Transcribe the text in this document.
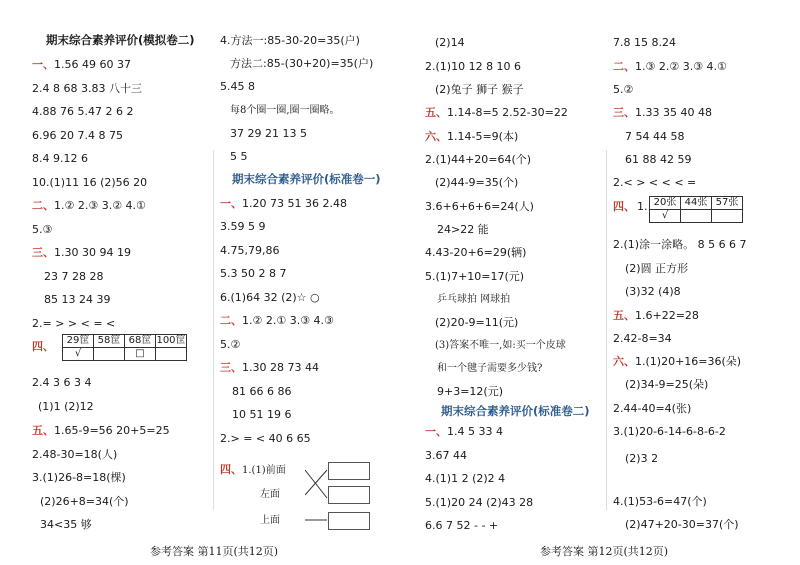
期末综合素养评价(模拟卷二)
一、1.56 49 60 37
2.4 8 68 3.83 八十三
4.88 76 5.47 2 6 2
6.96 20 7.4 8 75
8.4 9.12 6
10.(1)11 16 (2)56 20
二、1.② 2.③ 3.② 4.①
5.③
三、1.30 30 94 19
23 7 28 28
85 13 24 39
2.= > > < = <
四、 29筐	58筐	68筐	100筐
√		□	
2.4 3 6 3 4
(1)1 (2)12
五、1.65-9=56 20+5=25
2.48-30=18(人)
3.(1)26-8=18(棵)
(2)26+8=34(个)
34<35 够
4.方法一:85-30-20=35(户)
方法二:85-(30+20)=35(户)
5.45 8
每8个圈一圈,圈一圈略。
37 29 21 13 5
5 5
期末综合素养评价(标准卷一)
一、1.20 73 51 36 2.48
3.59 5 9
4.75,79,86
5.3 50 2 8 7
6.(1)64 32 (2)☆ ○
二、1.② 2.① 3.③ 4.③
5.②
三、1.30 28 73 44
81 66 6 86
10 51 19 6
2.> = < 40 6 65
四、1.(1)前面
左面
上面
(2)14
2.(1)10 12 8 10 6
(2)兔子 狮子 猴子
五、1.14-8=5 2.52-30=22
六、1.14-5=9(本)
2.(1)44+20=64(个)
(2)44-9=35(个)
3.6+6+6+6=24(人)
24>22 能
4.43-20+6=29(辆)
5.(1)7+10=17(元)
乒乓球拍 网球拍
(2)20-9=11(元)
(3)答案不唯一,如:买一个皮球
和一个毽子需要多少钱?
9+3=12(元)
期末综合素养评价(标准卷二)
一、1.4 5 33 4
3.67 44
4.(1)1 2 (2)2 4
5.(1)20 24 (2)43 28
6.6 7 52 - - +
7.8 15 8.24
二、1.③ 2.② 3.③ 4.①
5.②
三、1.33 35 40 48
7 54 44 58
61 88 42 59
2.< > < < < =
四、 1. 20张	44张	57张
√		
2.(1)涂一涂略。 8 5 6 6 7
(2)圆 正方形
(3)32 (4)8
五、1.6+22=28
2.42-8=34
六、1.(1)20+16=36(朵)
(2)34-9=25(朵)
2.44-40=4(张)
3.(1)20-6-14-6-8-6-2
(2)3 2
4.(1)53-6=47(个)
(2)47+20-30=37(个)
参考答案 第11页(共12页)	参考答案 第12页(共12页)
